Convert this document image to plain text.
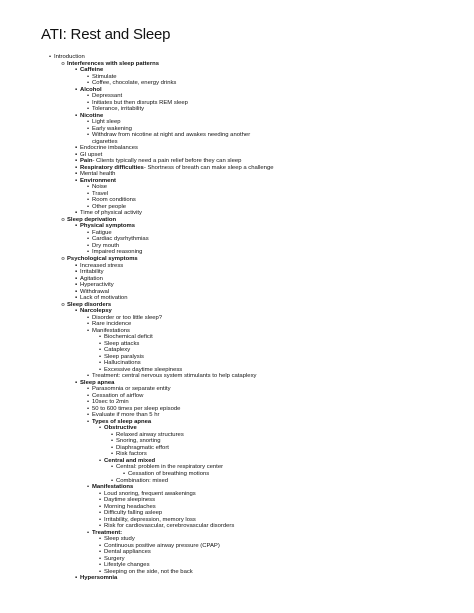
ATI: Rest and Sleep
• Introduction
o Interferences with sleep patterns
▪ Caffeine
• Stimulate
• Coffee, chocolate, energy drinks
▪ Alcohol
• Depressant
• Initiates but then disrupts REM sleep
• Tolerance, irritability
▪ Nicotine
• Light sleep
• Early wakening
• Withdraw from nicotine at night and awakes needing another
cigarettes
▪ Endocrine imbalances
▪ GI upset
▪ Pain- Clients typically need a pain relief before they can sleep
▪ Respiratory difficulties- Shortness of breath can make sleep a challenge
▪ Mental health
▪ Environment
• Noise
• Travel
• Room conditions
• Other people
▪ Time of physical activity
o Sleep deprivation
▪ Physical symptoms
• Fatigue
• Cardiac dysrhythmias
• Dry mouth
• Impaired reasoning
o Psychological symptoms
▪ Increased stress
▪ Irritability
▪ Agitation
▪ Hyperactivity
▪ Withdrawal
▪ Lack of motivation
o Sleep disorders
▪ Narcolepsy
• Disorder or too little sleep?
• Rare incidence
• Manifestations
• Biochemical deficit
• Sleep attacks
• Cataplexy
• Sleep paralysis
• Hallucinations
• Excessive daytime sleepiness
• Treatment: central nervous system stimulants to help cataplexy
▪ Sleep apnea
• Parasomnia or separate entity
• Cessation of airflow
• 10sec to 2min
• 50 to 600 times per sleep episode
• Evaluate if more than 5 hr
• Types of sleep apnea
• Obstructive
• Relaxed airway structures
• Snoring, snorting
• Diaphragmatic effort
• Risk factors
• Central and mixed
• Central: problem in the respiratory center
• Cessation of breathing motions
• Combination: mixed
• Manifestations
• Loud snoring, frequent awakenings
• Daytime sleepiness
• Morning headaches
• Difficulty falling asleep
• Irritability, depression, memory loss
• Risk for cardiovascular, cerebrovascular disorders
• Treatment:
• Sleep study
• Continuous positive airway pressure (CPAP)
• Dental appliances
• Surgery
• Lifestyle changes
• Sleeping on the side, not the back
▪ Hypersomnia
